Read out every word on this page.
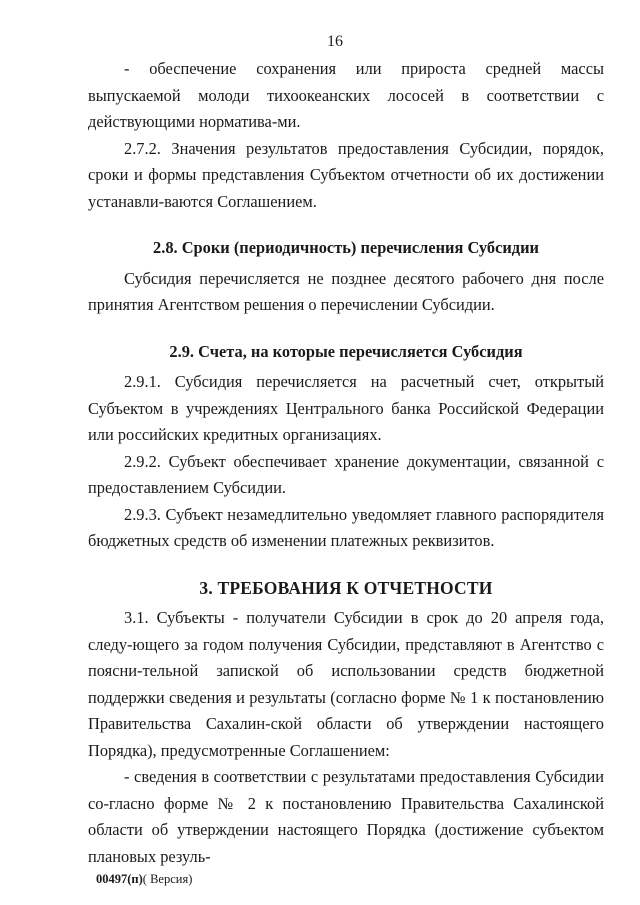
16

- обеспечение сохранения или прироста средней массы выпускаемой молоди тихоокеанских лососей в соответствии с действующими норматива-ми.

2.7.2. Значения результатов предоставления Субсидии, порядок, сроки и формы представления Субъектом отчетности об их достижении устанавли-ваются Соглашением.

2.8. Сроки (периодичность) перечисления Субсидии

Субсидия перечисляется не позднее десятого рабочего дня после принятия Агентством решения о перечислении Субсидии.

2.9. Счета, на которые перечисляется Субсидия

2.9.1. Субсидия перечисляется на расчетный счет, открытый Субъектом в учреждениях Центрального банка Российской Федерации или российских кредитных организациях.

2.9.2. Субъект обеспечивает хранение документации, связанной с предоставлением Субсидии.

2.9.3. Субъект незамедлительно уведомляет главного распорядителя бюджетных средств об изменении платежных реквизитов.

3. ТРЕБОВАНИЯ К ОТЧЕТНОСТИ

3.1. Субъекты - получатели Субсидии в срок до 20 апреля года, следу-ющего за годом получения Субсидии, представляют в Агентство с поясни-тельной запиской об использовании средств бюджетной поддержки сведения и результаты (согласно форме № 1 к постановлению Правительства Сахалин-ской области об утверждении настоящего Порядка), предусмотренные Соглашением:

- сведения в соответствии с результатами предоставления Субсидии со-гласно форме № 2 к постановлению Правительства Сахалинской области об утверждении настоящего Порядка (достижение субъектом плановых резуль-

00497(п)( Версия)
